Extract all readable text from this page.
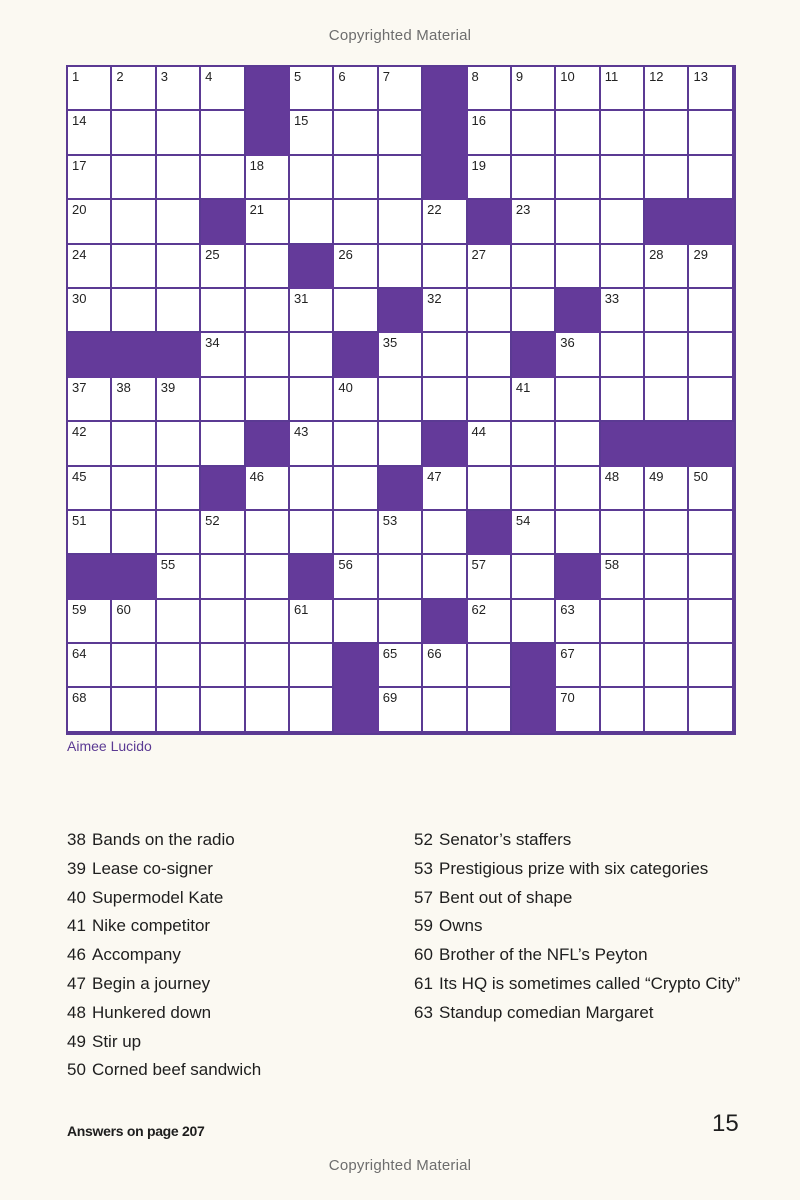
Copyrighted Material
1	2	3	4	5	6	7	8	9	10 11 12 13
14	15	16
17	18	19
20	21	22	23
24	25	26	27	28 29
30	31	32	33
34	35	36
37 38 39	40	41
42	43	44
45	46	47	48 49 50
51	52	53	54
55	56	57	58
59 60	61	62	63
64	65 66	67
68	69	70
Aimee Lucido
38 Bands on the radio
39 Lease co-signer
40 Supermodel Kate
41 Nike competitor
46 Accompany
47 Begin a journey
48 Hunkered down
49 Stir up
50 Corned beef sandwich
52 Senator’s staffers
53 Prestigious prize with six categories
57 Bent out of shape
59 Owns
60 Brother of the NFL’s Peyton
61 Its HQ is sometimes called “Crypto City”
63 Standup comedian Margaret
Answers on page 207	15
Copyrighted Material
